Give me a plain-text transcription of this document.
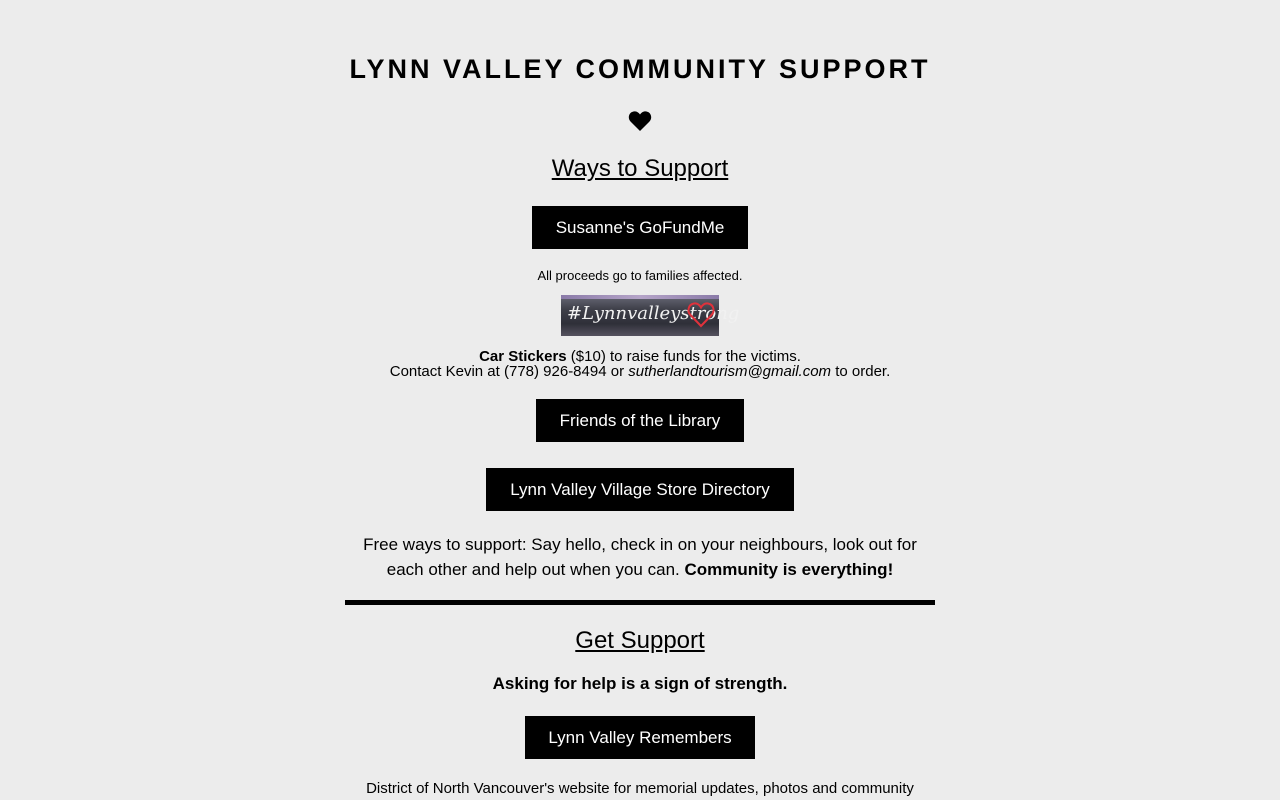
LYNN VALLEY COMMUNITY SUPPORT
Ways to Support
Susanne's GoFundMe
All proceeds go to families affected.
#Lynnvalleystrong
Car Stickers ($10) to raise funds for the victims.
Contact Kevin at (778) 926-8494 or sutherlandtourism@gmail.com to order.
Friends of the Library
Lynn Valley Village Store Directory
Free ways to support: Say hello, check in on your neighbours, look out for each other and help out when you can. Community is everything!
Get Support
Asking for help is a sign of strength.
Lynn Valley Remembers
District of North Vancouver's website for memorial updates, photos and community
